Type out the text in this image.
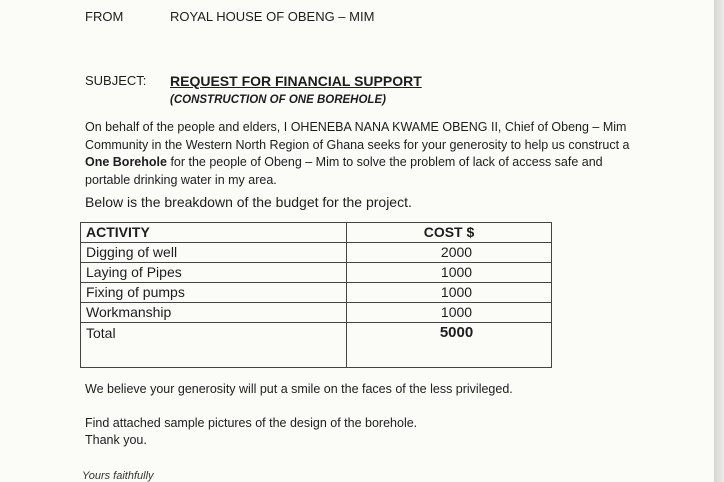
FROM	ROYAL HOUSE OF OBENG – MIM
SUBJECT: REQUEST FOR FINANCIAL SUPPORT
(CONSTRUCTION OF ONE BOREHOLE)
On behalf of the people and elders, I OHENEBA NANA KWAME OBENG II, Chief of Obeng – Mim Community in the Western North Region of Ghana seeks for your generosity to help us construct a One Borehole for the people of Obeng – Mim to solve the problem of lack of access safe and portable drinking water in my area.
Below is the breakdown of the budget for the project.
ACTIVITY	COST $
Digging of well	2000
Laying of Pipes	1000
Fixing of pumps	1000
Workmanship	1000
Total	5000
We believe your generosity will put a smile on the faces of the less privileged.
Find attached sample pictures of the design of the borehole.
Thank you.
Yours faithfully
